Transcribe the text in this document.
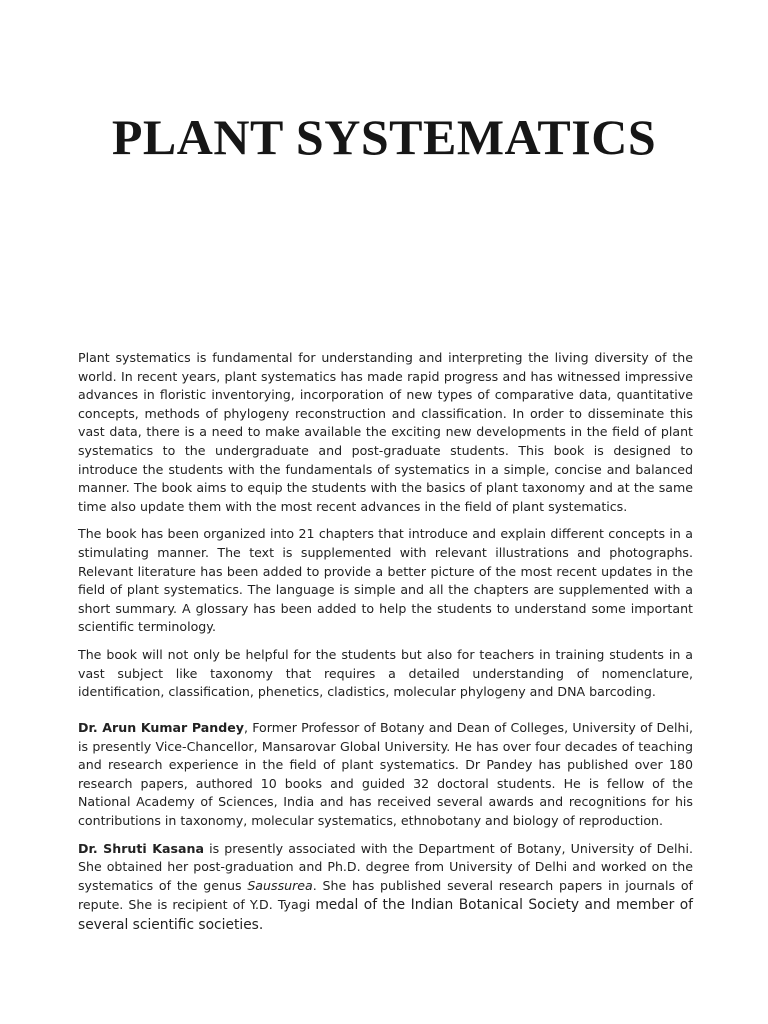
PLANT SYSTEMATICS

Plant systematics is fundamental for understanding and interpreting the living diversity of the world. In recent years, plant systematics has made rapid progress and has witnessed impressive advances in floristic inventorying, incorporation of new types of comparative data, quantitative concepts, methods of phylogeny reconstruction and classification. In order to disseminate this vast data, there is a need to make available the exciting new developments in the field of plant systematics to the undergraduate and post-graduate students. This book is designed to introduce the students with the fundamentals of systematics in a simple, concise and balanced manner. The book aims to equip the students with the basics of plant taxonomy and at the same time also update them with the most recent advances in the field of plant systematics.

The book has been organized into 21 chapters that introduce and explain different concepts in a stimulating manner. The text is supplemented with relevant illustrations and photographs. Relevant literature has been added to provide a better picture of the most recent updates in the field of plant systematics. The language is simple and all the chapters are supplemented with a short summary. A glossary has been added to help the students to understand some important scientific terminology.

The book will not only be helpful for the students but also for teachers in training students in a vast subject like taxonomy that requires a detailed understanding of nomenclature, identification, classification, phenetics, cladistics, molecular phylogeny and DNA barcoding.

Dr. Arun Kumar Pandey, Former Professor of Botany and Dean of Colleges, University of Delhi, is presently Vice-Chancellor, Mansarovar Global University. He has over four decades of teaching and research experience in the field of plant systematics. Dr Pandey has published over 180 research papers, authored 10 books and guided 32 doctoral students. He is fellow of the National Academy of Sciences, India and has received several awards and recognitions for his contributions in taxonomy, molecular systematics, ethnobotany and biology of reproduction.

Dr. Shruti Kasana is presently associated with the Department of Botany, University of Delhi. She obtained her post-graduation and Ph.D. degree from University of Delhi and worked on the systematics of the genus Saussurea. She has published several research papers in journals of repute. She is recipient of Y.D. Tyagi medal of the Indian Botanical Society and member of several scientific societies.
